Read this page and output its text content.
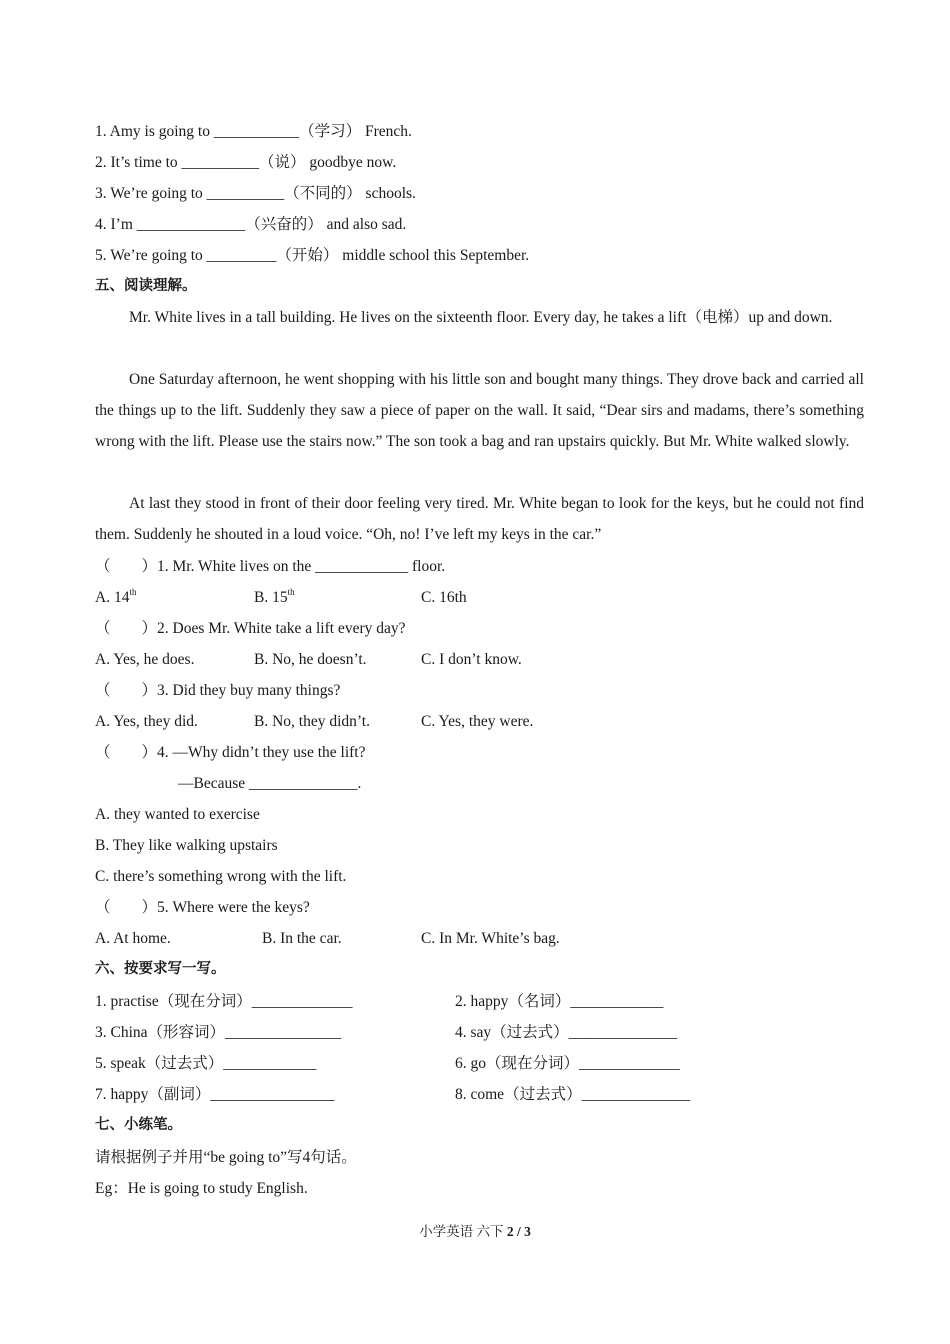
1. Amy is going to ___________（学习） French.
2. It’s time to __________（说） goodbye now.
3. We’re going to __________（不同的） schools.
4. I’m ______________（兴奋的） and also sad.
5. We’re going to _________（开始） middle school this September.
五、阅读理解。
Mr. White lives in a tall building. He lives on the sixteenth floor. Every day, he takes a lift（电梯）up and down.
One Saturday afternoon, he went shopping with his little son and bought many things. They drove back and carried all the things up to the lift. Suddenly they saw a piece of paper on the wall. It said, “Dear sirs and madams, there’s something wrong with the lift. Please use the stairs now.” The son took a bag and ran upstairs quickly. But Mr. White walked slowly.
At last they stood in front of their door feeling very tired. Mr. White began to look for the keys, but he could not find them. Suddenly he shouted in a loud voice. “Oh, no! I’ve left my keys in the car.”
（　　）1. Mr. White lives on the ____________ floor.
A. 14th	B. 15th	C. 16th
（　　）2. Does Mr. White take a lift every day?
A. Yes, he does.	B. No, he doesn’t.	C. I don’t know.
（　　）3. Did they buy many things?
A. Yes, they did.	B. No, they didn’t.	C. Yes, they were.
（　　）4. —Why didn’t they use the lift?
—Because ______________.
A. they wanted to exercise
B. They like walking upstairs
C. there’s something wrong with the lift.
（　　）5. Where were the keys?
A. At home.	B. In the car.	C. In Mr. White’s bag.
六、按要求写一写。
1. practise（现在分词）_____________	2. happy（名词）____________
3. China（形容词）_______________	4. say（过去式）______________
5. speak（过去式）____________	6. go（现在分词）_____________
7. happy（副词）________________	8. come（过去式）______________
七、小练笔。
请根据例子并用“be going to”写4句话。
Eg：He is going to study English.
小学英语 六下 2 / 3
